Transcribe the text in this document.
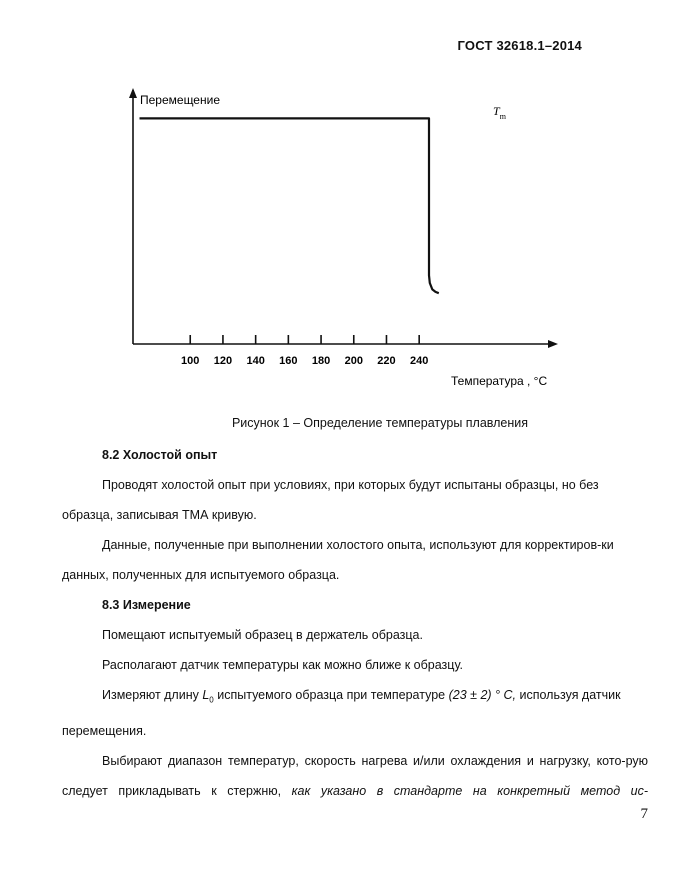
ГОСТ 32618.1–2014
Перемещение
Температура , °С
100 120 140 160 180 200 220 240
$T_m$
Рисунок 1 – Определение температуры плавления

8.2 Холостой опыт

Проводят холостой опыт при условиях, при которых будут испытаны образцы, но без образца, записывая ТМА кривую.

Данные, полученные при выполнении холостого опыта, используют для корректиров-ки данных, полученных для испытуемого образца.

8.3 Измерение

Помещают испытуемый образец в держатель образца.

Располагают датчик температуры как можно ближе к образцу.

Измеряют длину $L_0$ испытуемого образца при температуре (23 ± 2) ° C, используя датчик перемещения.

Выбирают диапазон температур, скорость нагрева и/или охлаждения и нагрузку, кото-рую следует прикладывать к стержню, как указано в стандарте на конкретный метод ис-

7
